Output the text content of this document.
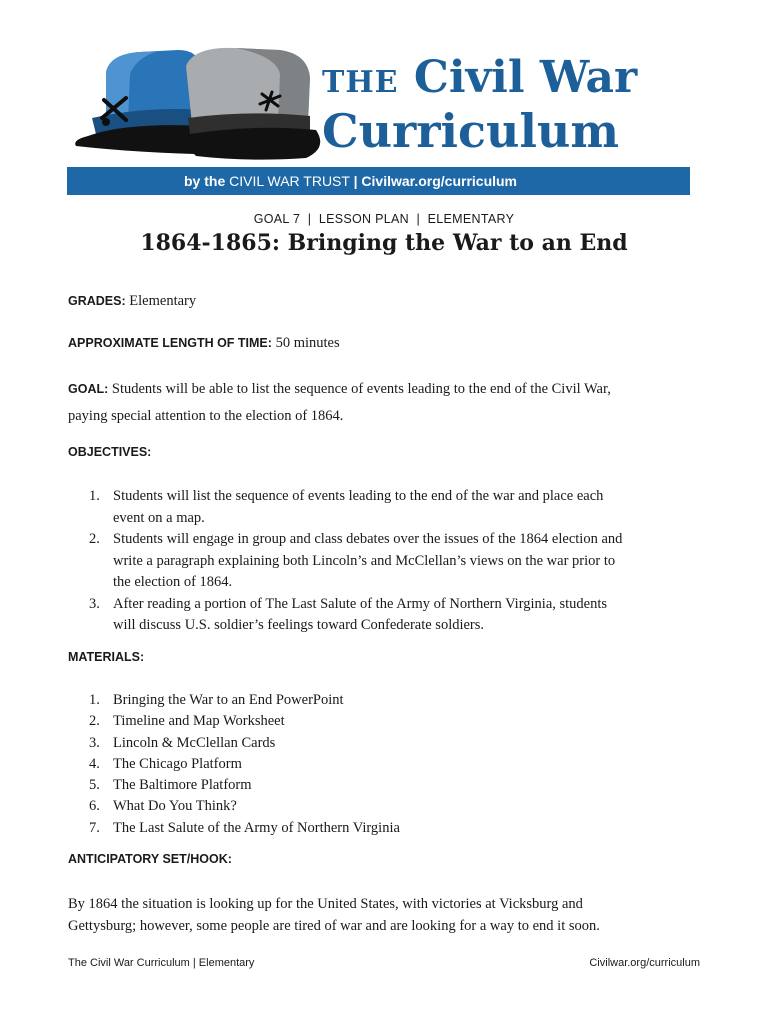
THE Civil War
Curriculum
by the CIVIL WAR TRUST | Civilwar.org/curriculum
GOAL 7  |  LESSON PLAN  |  ELEMENTARY
1864-1865: Bringing the War to an End
GRADES: Elementary
APPROXIMATE LENGTH OF TIME: 50 minutes
GOAL: Students will be able to list the sequence of events leading to the end of the Civil War,
paying special attention to the election of 1864.
OBJECTIVES:
1. Students will list the sequence of events leading to the end of the war and place each
event on a map.
2. Students will engage in group and class debates over the issues of the 1864 election and
write a paragraph explaining both Lincoln’s and McClellan’s views on the war prior to
the election of 1864.
3. After reading a portion of The Last Salute of the Army of Northern Virginia, students
will discuss U.S. soldier’s feelings toward Confederate soldiers.
MATERIALS:
1. Bringing the War to an End PowerPoint
2. Timeline and Map Worksheet
3. Lincoln & McClellan Cards
4. The Chicago Platform
5. The Baltimore Platform
6. What Do You Think?
7. The Last Salute of the Army of Northern Virginia
ANTICIPATORY SET/HOOK:
By 1864 the situation is looking up for the United States, with victories at Vicksburg and
Gettysburg; however, some people are tired of war and are looking for a way to end it soon.
The Civil War Curriculum | Elementary	Civilwar.org/curriculum
